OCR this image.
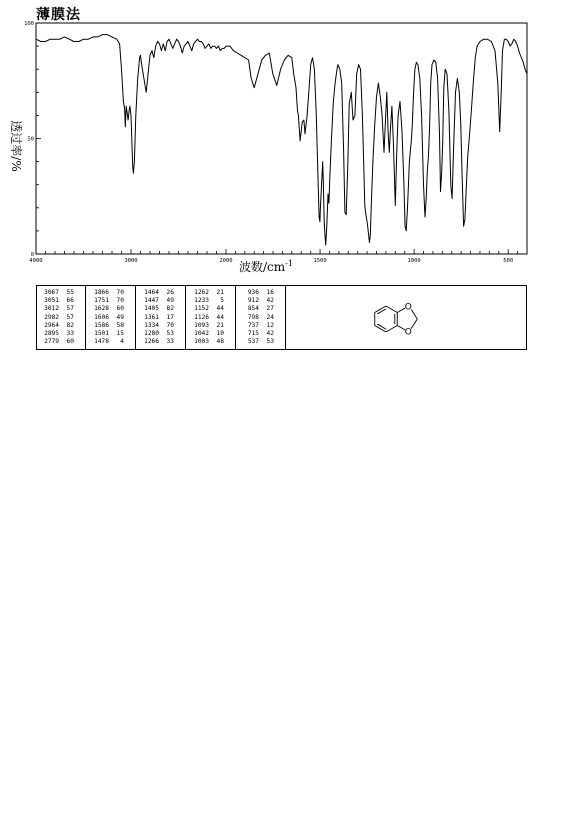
薄膜法
0
50
100
4000	3000	2000	1500	1000	500
透过率/%
波数$/cm^{-1}$
3067	55
3051	66
3012	57
2982	57
2964	82
2895	33
2779	60
1866	70
1751	70
1628	60
1606	49
1586	58
1501	15
1478	4
1464	26
1447	49
1405	82
1361	17
1334	70
1280	53
1266	33
1262	21
1233	5
1152	44
1126	44
1093	21
1042	10
1003	48
936	16
912	42
854	27
798	24
737	12
715	42
537	53
O
O
